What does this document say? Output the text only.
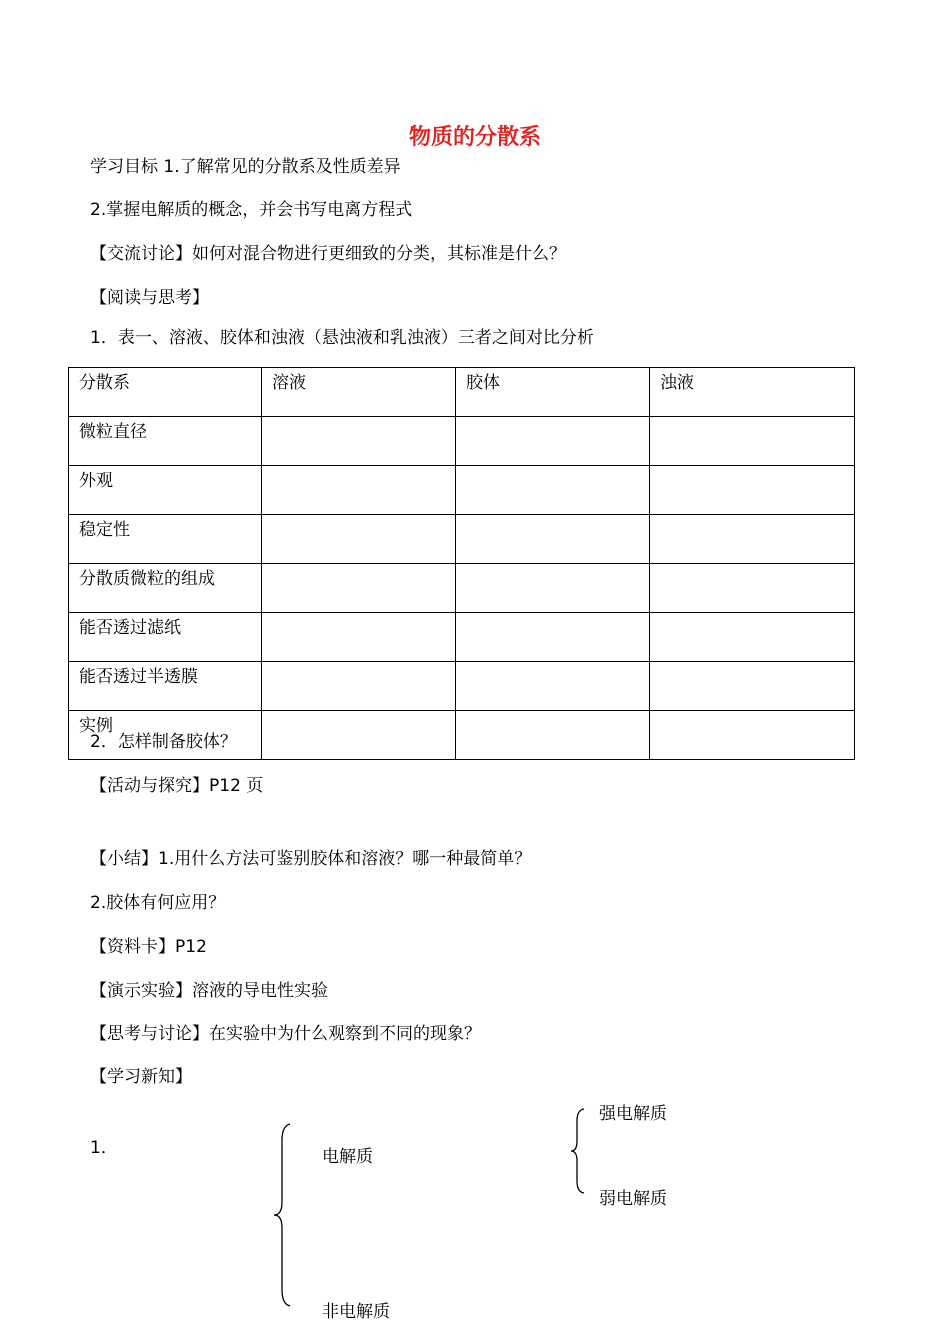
物质的分散系
学习目标 1.了解常见的分散系及性质差异
2.掌握电解质的概念，并会书写电离方程式
【交流讨论】如何对混合物进行更细致的分类，其标准是什么？
【阅读与思考】
1．表一、溶液、胶体和浊液（悬浊液和乳浊液）三者之间对比分析
分散系	溶液	胶体	浊液
微粒直径			
外观			
稳定性			
分散质微粒的组成			
能否透过滤纸			
能否透过半透膜			
实例			
2．怎样制备胶体？
【活动与探究】P12 页
【小结】1.用什么方法可鉴别胶体和溶液？哪一种最简单？
2.胶体有何应用？
【资料卡】P12
【演示实验】溶液的导电性实验
【思考与讨论】在实验中为什么观察到不同的现象？
【学习新知】
1．	电解质
强电解质
弱电解质
非电解质
